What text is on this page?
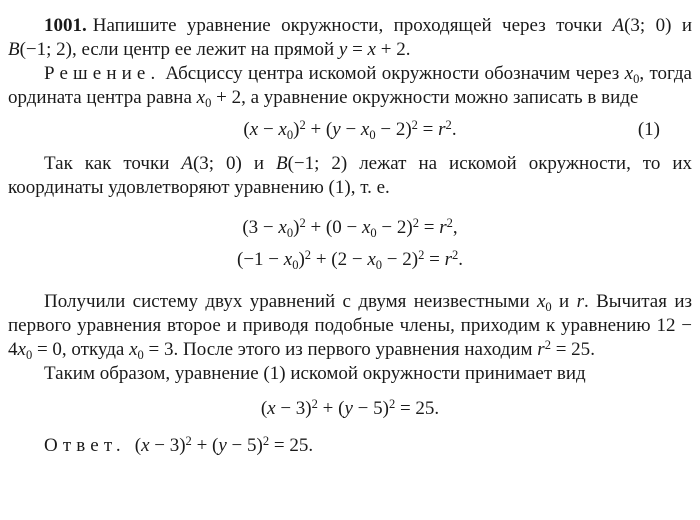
1001. Напишите уравнение окружности, проходящей через точки A(3; 0) и B(−1; 2), если центр ее лежит на прямой y = x + 2.

Решение. Абсциссу центра искомой окружности обозначим через $x_0$, тогда ордината центра равна $x_0 + 2$, а уравнение окружности можно записать в виде

$(x - x_0)^2 + (y - x_0 - 2)^2 = r^2$.	(1)

Так как точки A(3; 0) и B(−1; 2) лежат на искомой окружности, то их координаты удовлетворяют уравнению (1), т. е.

$(3 - x_0)^2 + (0 - x_0 - 2)^2 = r^2$,
$(-1 - x_0)^2 + (2 - x_0 - 2)^2 = r^2$.

Получили систему двух уравнений с двумя неизвестными $x_0$ и r. Вычитая из первого уравнения второе и приводя подобные члены, приходим к уравнению $12 - 4x_0 = 0$, откуда $x_0 = 3$. После этого из первого уравнения находим $r^2 = 25$.

Таким образом, уравнение (1) искомой окружности принимает вид

$(x - 3)^2 + (y - 5)^2 = 25$.

Ответ. $(x - 3)^2 + (y - 5)^2 = 25$.
